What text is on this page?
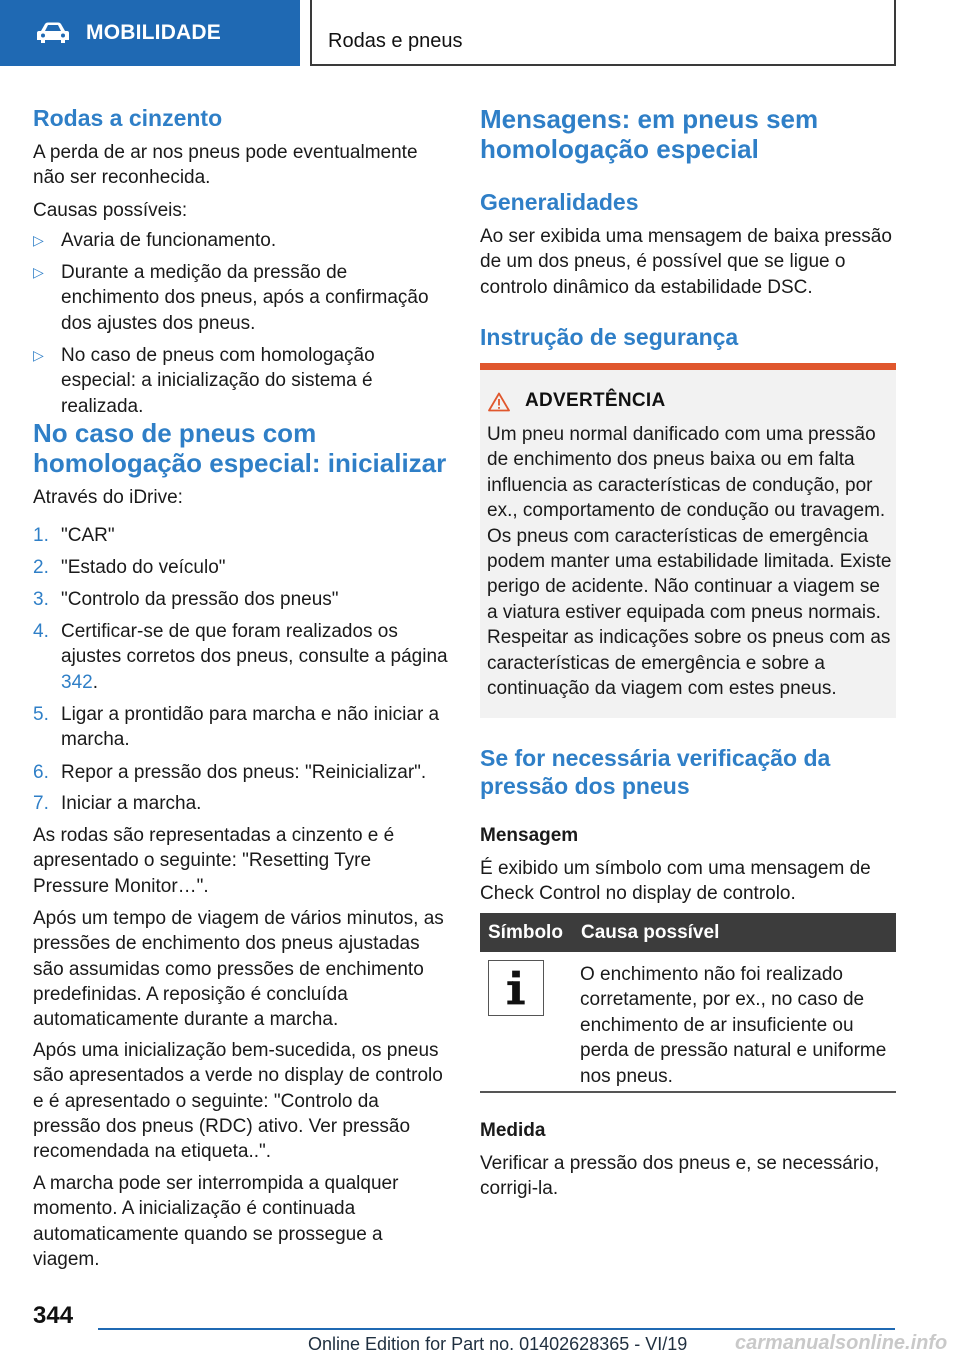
MOBILIDADE	Rodas e pneus
Rodas a cinzento
A perda de ar nos pneus pode eventualmente não ser reconhecida.
Causas possíveis:
▷ Avaria de funcionamento.
▷ Durante a medição da pressão de enchimento dos pneus, após a confirmação dos ajustes dos pneus.
▷ No caso de pneus com homologação especial: a inicialização do sistema é realizada.
No caso de pneus com homologação especial: inicializar
Através do iDrive:
1. "CAR"
2. "Estado do veículo"
3. "Controlo da pressão dos pneus"
4. Certificar-se de que foram realizados os ajustes corretos dos pneus, consulte a página 342.
5. Ligar a prontidão para marcha e não iniciar a marcha.
6. Repor a pressão dos pneus: "Reinicializar".
7. Iniciar a marcha.
As rodas são representadas a cinzento e é apresentado o seguinte: "Resetting Tyre Pressure Monitor…".
Após um tempo de viagem de vários minutos, as pressões de enchimento dos pneus ajustadas são assumidas como pressões de enchimento predefinidas. A reposição é concluída automaticamente durante a marcha.
Após uma inicialização bem-sucedida, os pneus são apresentados a verde no display de controlo e é apresentado o seguinte: "Controlo da pressão dos pneus (RDC) ativo. Ver pressão recomendada na etiqueta..".
A marcha pode ser interrompida a qualquer momento. A inicialização é continuada automaticamente quando se prossegue a viagem.
Mensagens: em pneus sem homologação especial
Generalidades
Ao ser exibida uma mensagem de baixa pressão de um dos pneus, é possível que se ligue o controlo dinâmico da estabilidade DSC.
Instrução de segurança
ADVERTÊNCIA
Um pneu normal danificado com uma pressão de enchimento dos pneus baixa ou em falta influencia as características de condução, por ex., comportamento de condução ou travagem. Os pneus com características de emergência podem manter uma estabilidade limitada. Existe perigo de acidente. Não continuar a viagem se a viatura estiver equipada com pneus normais. Respeitar as indicações sobre os pneus com as características de emergência e sobre a continuação da viagem com estes pneus.
Se for necessária verificação da pressão dos pneus
Mensagem
É exibido um símbolo com uma mensagem de Check Control no display de controlo.
Símbolo Causa possível
O enchimento não foi realizado corretamente, por ex., no caso de enchimento de ar insuficiente ou perda de pressão natural e uniforme nos pneus.
Medida
Verificar a pressão dos pneus e, se necessário, corrigi-la.
344
Online Edition for Part no. 01402628365 - VI/19 carmanualsonline.info
